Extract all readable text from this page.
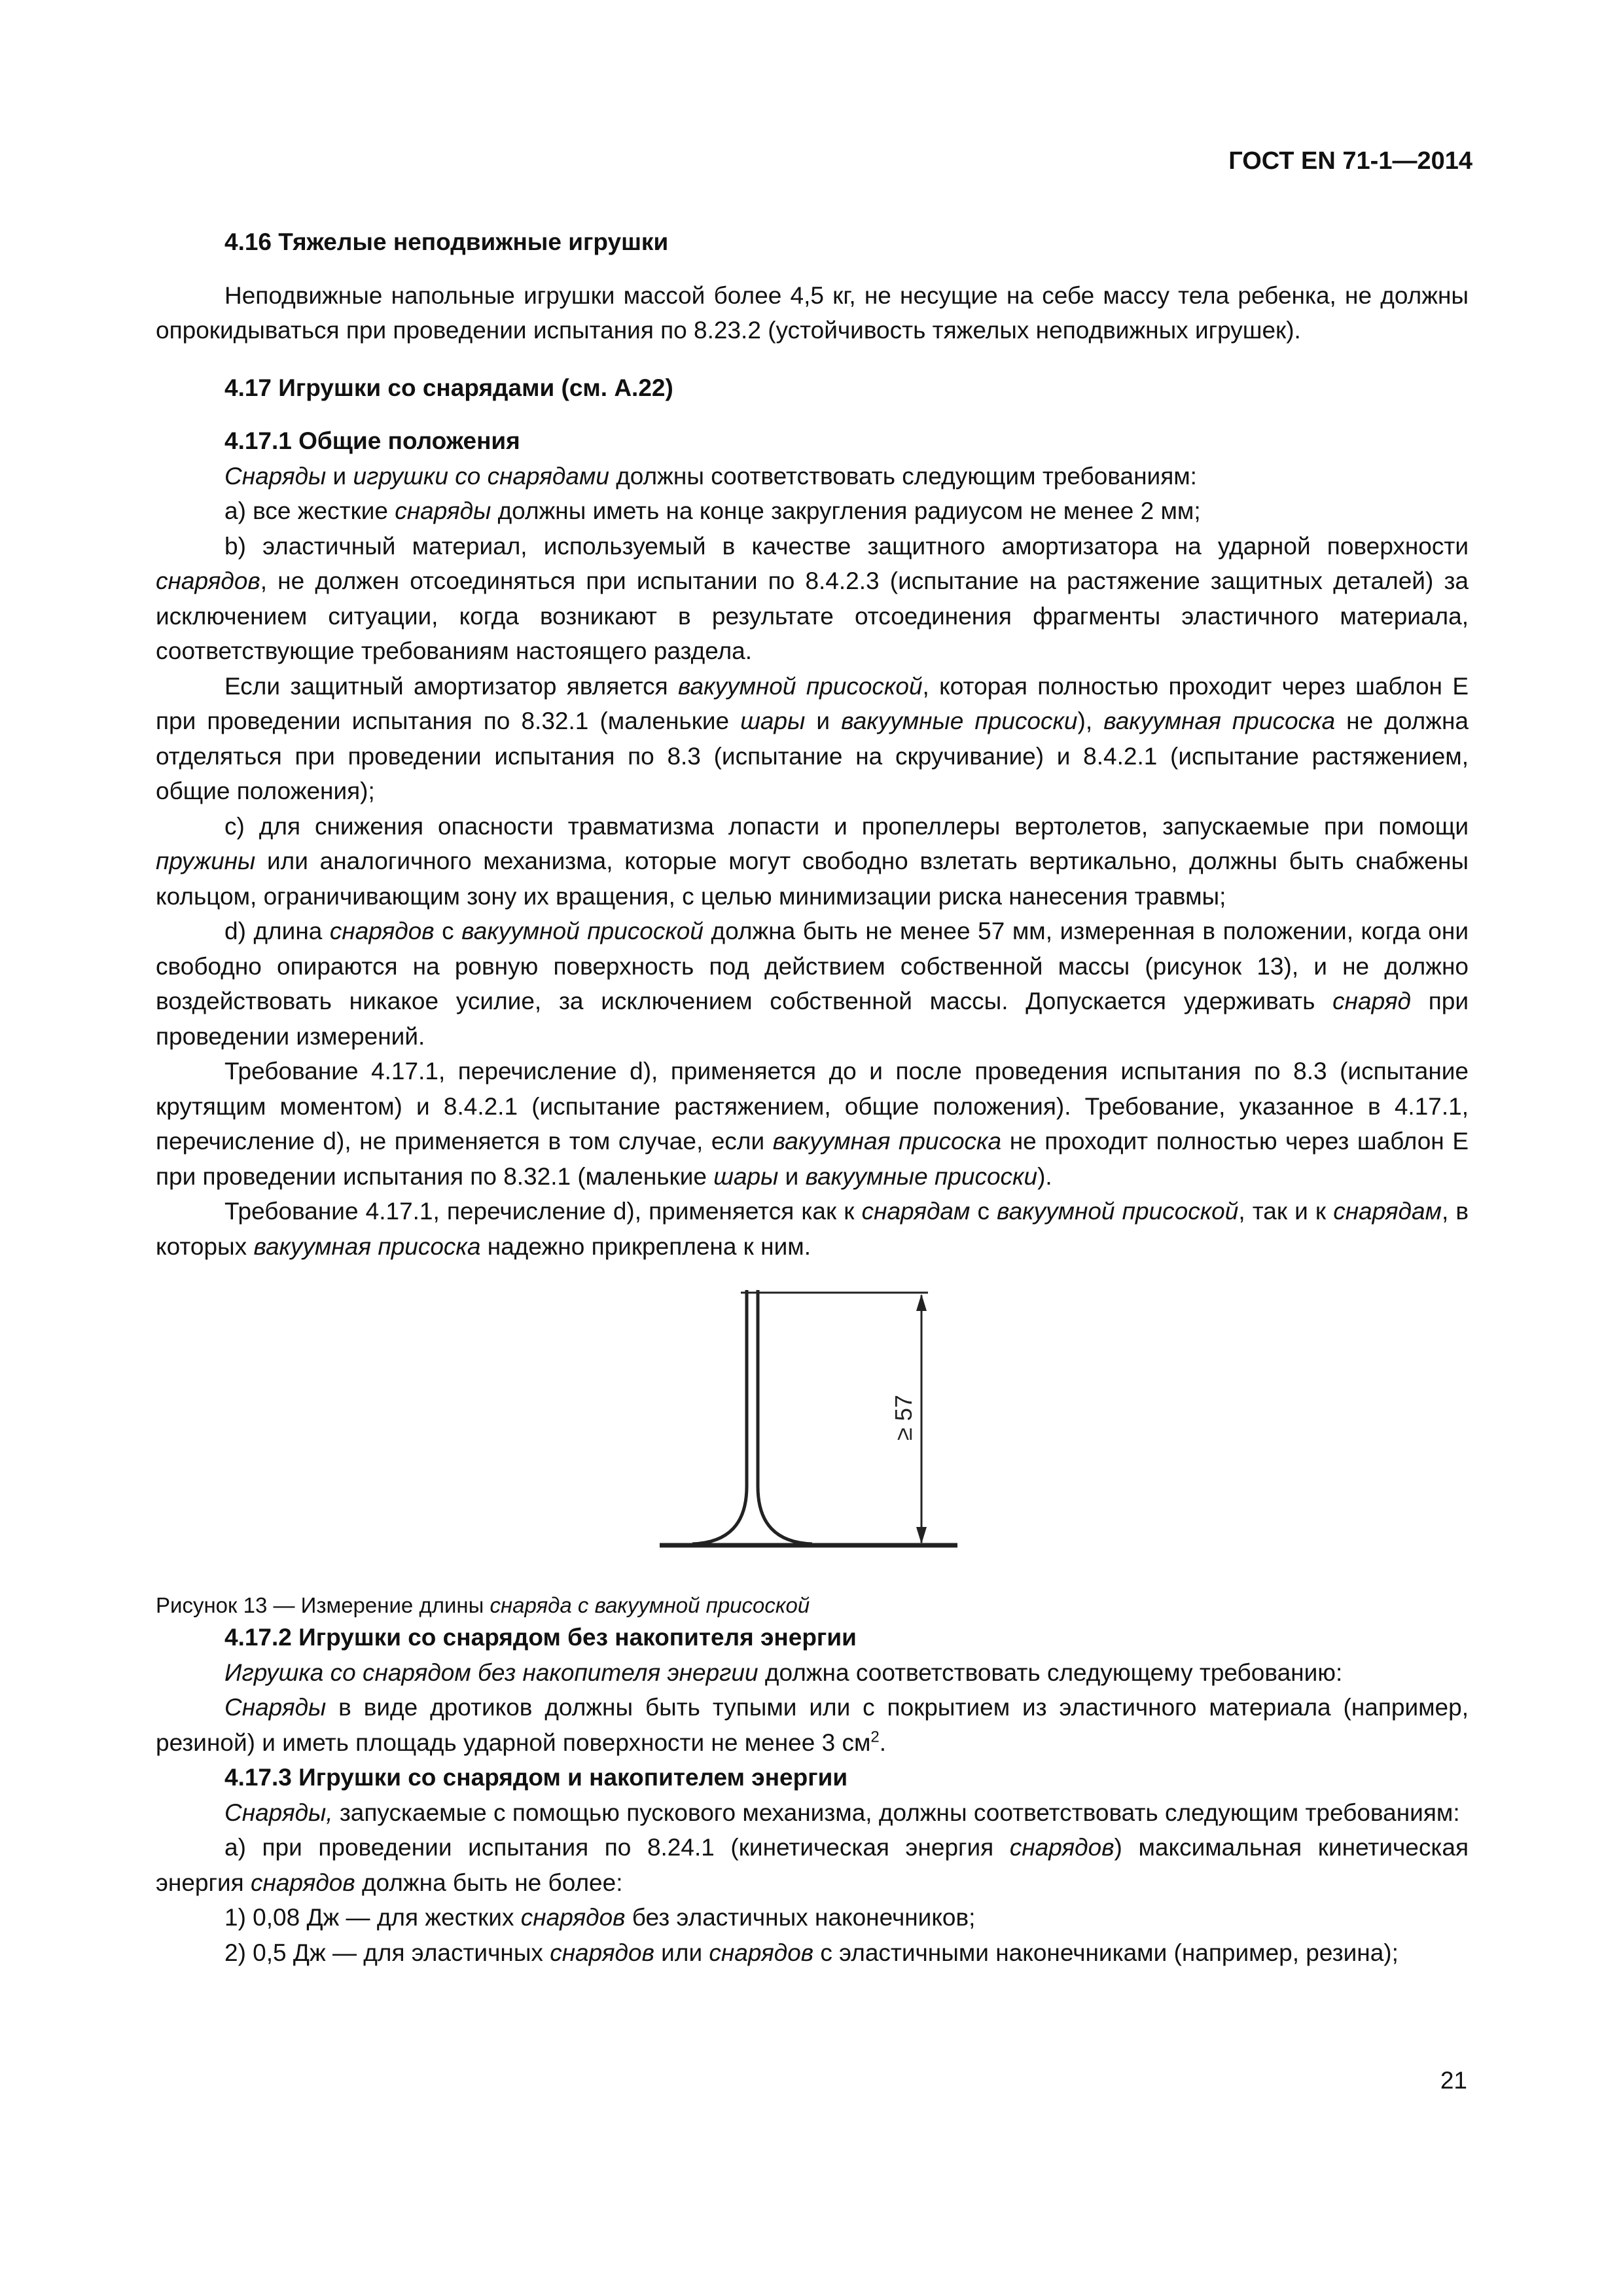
ГОСТ EN 71-1—2014
4.16 Тяжелые неподвижные игрушки

Неподвижные напольные игрушки массой более 4,5 кг, не несущие на себе массу тела ребенка, не должны опрокидываться при проведении испытания по 8.23.2 (устойчивость тяжелых неподвижных игрушек).

4.17 Игрушки со снарядами (см. А.22)
4.17.1 Общие положения

Снаряды и игрушки со снарядами должны соответствовать следующим требованиям:

a) все жесткие снаряды должны иметь на конце закругления радиусом не менее 2 мм;

b) эластичный материал, используемый в качестве защитного амортизатора на ударной поверхности снарядов, не должен отсоединяться при испытании по 8.4.2.3 (испытание на растяжение защитных деталей) за исключением ситуации, когда возникают в результате отсоединения фрагменты эластичного материала, соответствующие требованиям настоящего раздела.

Если защитный амортизатор является вакуумной присоской, которая полностью проходит через шаблон Е при проведении испытания по 8.32.1 (маленькие шары и вакуумные присоски), вакуумная присоска не должна отделяться при проведении испытания по 8.3 (испытание на скручивание) и 8.4.2.1 (испытание растяжением, общие положения);

c) для снижения опасности травматизма лопасти и пропеллеры вертолетов, запускаемые при помощи пружины или аналогичного механизма, которые могут свободно взлетать вертикально, должны быть снабжены кольцом, ограничивающим зону их вращения, с целью минимизации риска нанесения травмы;

d) длина снарядов с вакуумной присоской должна быть не менее 57 мм, измеренная в положении, когда они свободно опираются на ровную поверхность под действием собственной массы (рисунок 13), и не должно воздействовать никакое усилие, за исключением собственной массы. Допускается удерживать снаряд при проведении измерений.

Требование 4.17.1, перечисление d), применяется до и после проведения испытания по 8.3 (испытание крутящим моментом) и 8.4.2.1 (испытание растяжением, общие положения). Требование, указанное в 4.17.1, перечисление d), не применяется в том случае, если вакуумная присоска не проходит полностью через шаблон Е при проведении испытания по 8.32.1 (маленькие шары и вакуумные присоски).

Требование 4.17.1, перечисление d), применяется как к снарядам с вакуумной присоской, так и к снарядам, в которых вакуумная присоска надежно прикреплена к ним.

≥ 57

Рисунок 13 — Измерение длины снаряда с вакуумной присоской

4.17.2 Игрушки со снарядом без накопителя энергии

Игрушка со снарядом без накопителя энергии должна соответствовать следующему требованию:

Снаряды в виде дротиков должны быть тупыми или с покрытием из эластичного материала (например, резиной) и иметь площадь ударной поверхности не менее 3 $см^2$.

4.17.3 Игрушки со снарядом и накопителем энергии

Снаряды, запускаемые с помощью пускового механизма, должны соответствовать следующим требованиям:

а) при проведении испытания по 8.24.1 (кинетическая энергия снарядов) максимальная кинетическая энергия снарядов должна быть не более:

1) 0,08 Дж — для жестких снарядов без эластичных наконечников;

2) 0,5 Дж — для эластичных снарядов или снарядов с эластичными наконечниками (например, резина);

21
